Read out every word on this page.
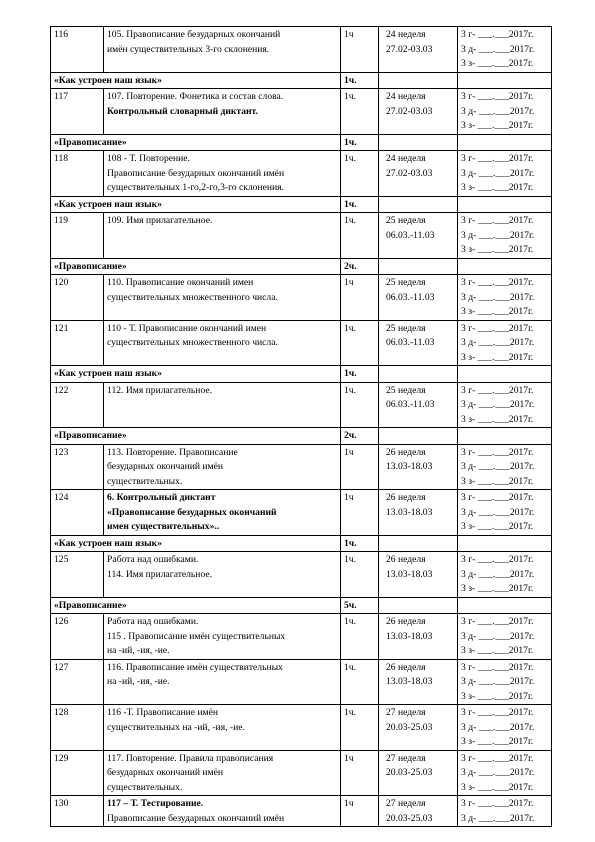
116	105. Правописание безударных окончаний
имён существительных 3-го склонения.	1ч	24 неделя
27.02-03.03	3 г- ___.___2017г.
3 д- ___.___2017г.
3 з- ___.___2017г.

«Как устроен наш язык»		1ч.		
117	107. Повторение. Фонетика и состав слова.
Контрольный словарный диктант.	1ч.	24 неделя
27.02-03.03	3 г- ___.___2017г.
3 д- ___.___2017г.
3 з- ___.___2017г.

«Правописание»		1ч.		
118	108 - Т. Повторение.
Правописание безударных окончаний имён
существительных 1-го,2-го,3-го склонения.	1ч.	24 неделя
27.02-03.03	3 г- ___.___2017г.
3 д- ___.___2017г.
3 з- ___.___2017г.

«Как устроен наш язык»		1ч.		
119	109. Имя прилагательное.	1ч.	25 неделя
06.03.-11.03	3 г- ___.___2017г.
3 д- ___.___2017г.
3 з- ___.___2017г.

«Правописание»		2ч.		
120	110. Правописание окончаний имен
существительных множественного числа.	1ч	25 неделя
06.03.-11.03	3 г- ___.___2017г.
3 д- ___.___2017г.
3 з- ___.___2017г.

121	110 - Т. Правописание окончаний имен
существительных множественного числа.	1ч.	25 неделя
06.03.-11.03	3 г- ___.___2017г.
3 д- ___.___2017г.
3 з- ___.___2017г.

«Как устроен наш язык»		1ч.		
122	112. Имя прилагательное.	1ч.	25 неделя
06.03.-11.03	3 г- ___.___2017г.
3 д- ___.___2017г.
3 з- ___.___2017г.

«Правописание»		2ч.		
123	113. Повторение. Правописание
безударных окончаний имён
существительных.	1ч	26 неделя
13.03-18.03	3 г- ___.___2017г.
3 д- ___.___2017г.
3 з- ___.___2017г.

124	6. Контрольный диктант
«Правописание безударных окончаний
имен существительных»..	1ч	26 неделя
13.03-18.03	3 г- ___.___2017г.
3 д- ___.___2017г.
3 з- ___.___2017г.

«Как устроен наш язык»		1ч.		
125	Работа над ошибками.
114. Имя прилагательное.	1ч.	26 неделя
13.03-18.03	3 г- ___.___2017г.
3 д- ___.___2017г.
3 з- ___.___2017г.

«Правописание»		5ч.		
126	Работа над ошибками.
115 . Правописание имён существительных
на -ий, -ия, -ие.	1ч.	26 неделя
13.03-18.03	3 г- ___.___2017г.
3 д- ___.___2017г.
3 з- ___.___2017г.

127	116. Правописание имён существительных
на -ий, -ия, -ие.	1ч.	26 неделя
13.03-18.03	3 г- ___.___2017г.
3 д- ___.___2017г.
3 з- ___.___2017г.

128	116 -Т. Правописание имён
существительных на -ий, -ия, -ие.	1ч.	27 неделя
20.03-25.03	3 г- ___.___2017г.
3 д- ___.___2017г.
3 з- ___.___2017г.

129	117. Повторение. Правила правописания
безударных окончаний имён
существительных.	1ч	27 неделя
20.03-25.03	3 г- ___.___2017г.
3 д- ___.___2017г.
3 з- ___.___2017г.

130	117 – Т. Тестирование.
Правописание безударных окончаний имён	1ч	27 неделя
20.03-25.03	3 г- ___.___2017г.
3 д- ___.___2017г.
